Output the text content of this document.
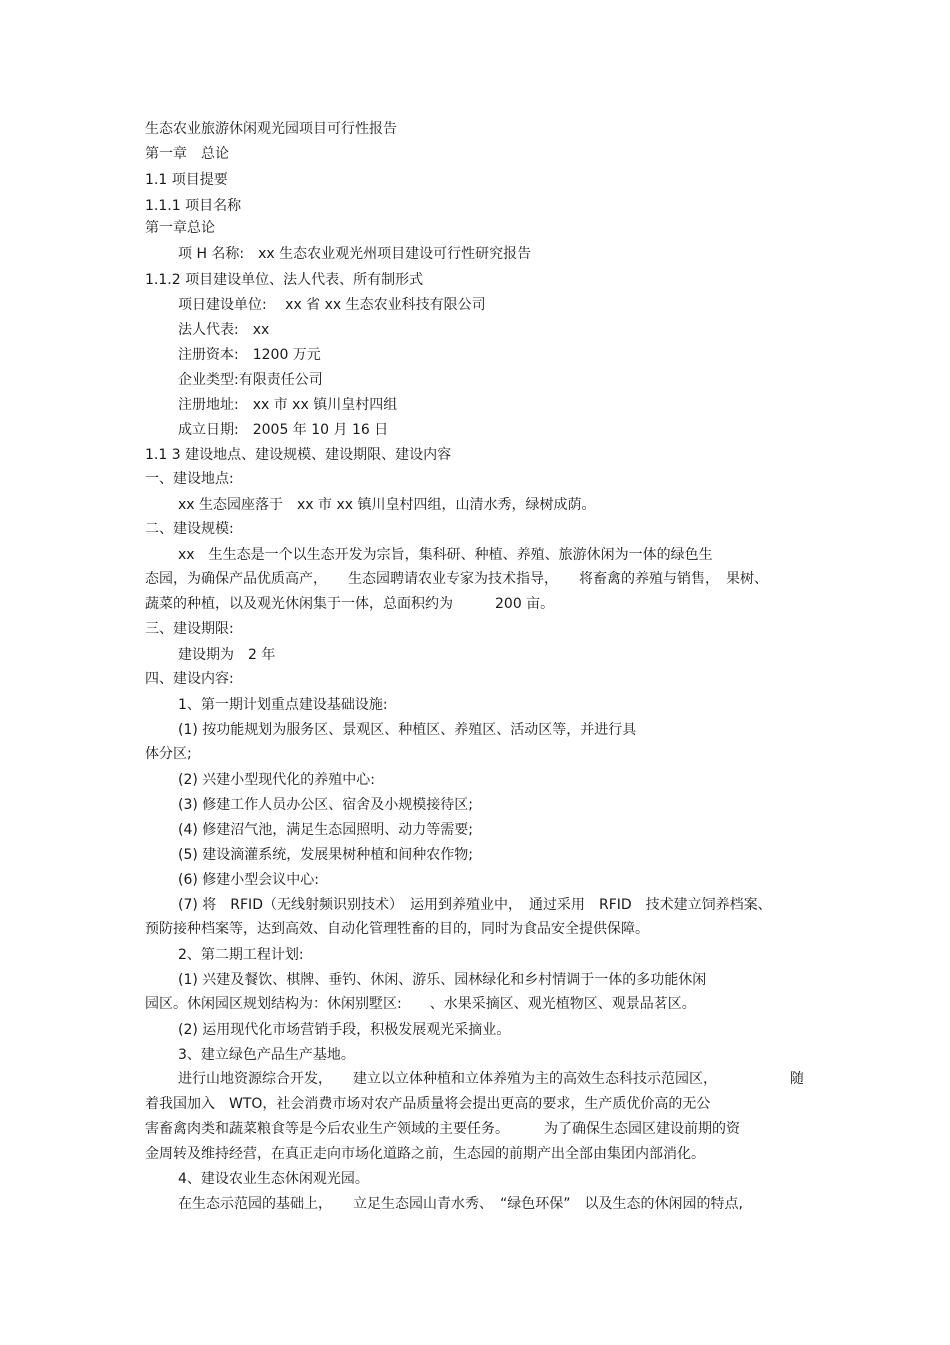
生态农业旅游休闲观光园项目可行性报告
第一章　总论
1.1 项目提要
1.1.1 项目名称
第一章总论
项 H 名称:　xx 生态农业观光州项目建设可行性研究报告
1.1.2 项目建设单位、法人代表、所有制形式
项日建设单位:　 xx 省 xx 生态农业科技有限公司
法人代表:　xx
注册资本:　1200 万元
企业类型:有限责任公司
注册地址:　xx 市 xx 镇川皇村四组
成立日期:　2005 年 10 月 16 日
1.1 3 建设地点、建设规模、建设期限、建设内容
一、建设地点:
xx 生态园座落于　xx 市 xx 镇川皇村四组，山清水秀，绿树成荫。
二、建设规模:
xx　生生态是一个以生态开发为宗旨，集科研、种植、养殖、旅游休闲为一体的绿色生
态园，为确保产品优质高产，　　生态园聘请农业专家为技术指导，　　将畜禽的养殖与销售，　果树、
蔬菜的种植，以及观光休闲集于一体，总面积约为　　　200 亩。
三、建设期限:
建设期为　2 年
四、建设内容:
1、第一期计划重点建设基础设施:
(1) 按功能规划为服务区、景观区、种植区、养殖区、活动区等，并进行具
体分区;
(2) 兴建小型现代化的养殖中心:
(3) 修建工作人员办公区、宿舍及小规模接待区;
(4) 修建沼气池，满足生态园照明、动力等需要;
(5) 建设滴灌系统，发展果树种植和间种农作物;
(6) 修建小型会议中心:
(7) 将　RFID（无线射频识别技术）　运用到养殖业中，　通过采用　RFID　技术建立饲养档案、
预防接种档案等，达到高效、自动化管理牲畜的目的，同时为食品安全提供保障。
2、第二期工程计划:
(1) 兴建及餐饮、棋牌、垂钓、休闲、游乐、园林绿化和乡村情调于一体的多功能休闲
园区。休闲园区规划结构为：休闲别墅区:　　、水果采摘区、观光植物区、观景品茗区。
(2) 运用现代化市场营销手段，积极发展观光采摘业。
3、建立绿色产品生产基地。
进行山地资源综合开发，　　建立以立体种植和立体养殖为主的高效生态科技示范园区，	随
着我国加入　WTO，社会消费市场对农产品质量将会提出更高的要求，生产质优价高的无公
害畜禽肉类和蔬菜粮食等是今后农业生产领域的主要任务。　　　为了确保生态园区建设前期的资
金周转及维持经营，在真正走向市场化道路之前，生态园的前期产出全部由集团内部消化。
4、建设农业生态休闲观光园。
在生态示范园的基础上，　　立足生态园山青水秀、　“绿色环保”　以及生态的休闲园的特点,
